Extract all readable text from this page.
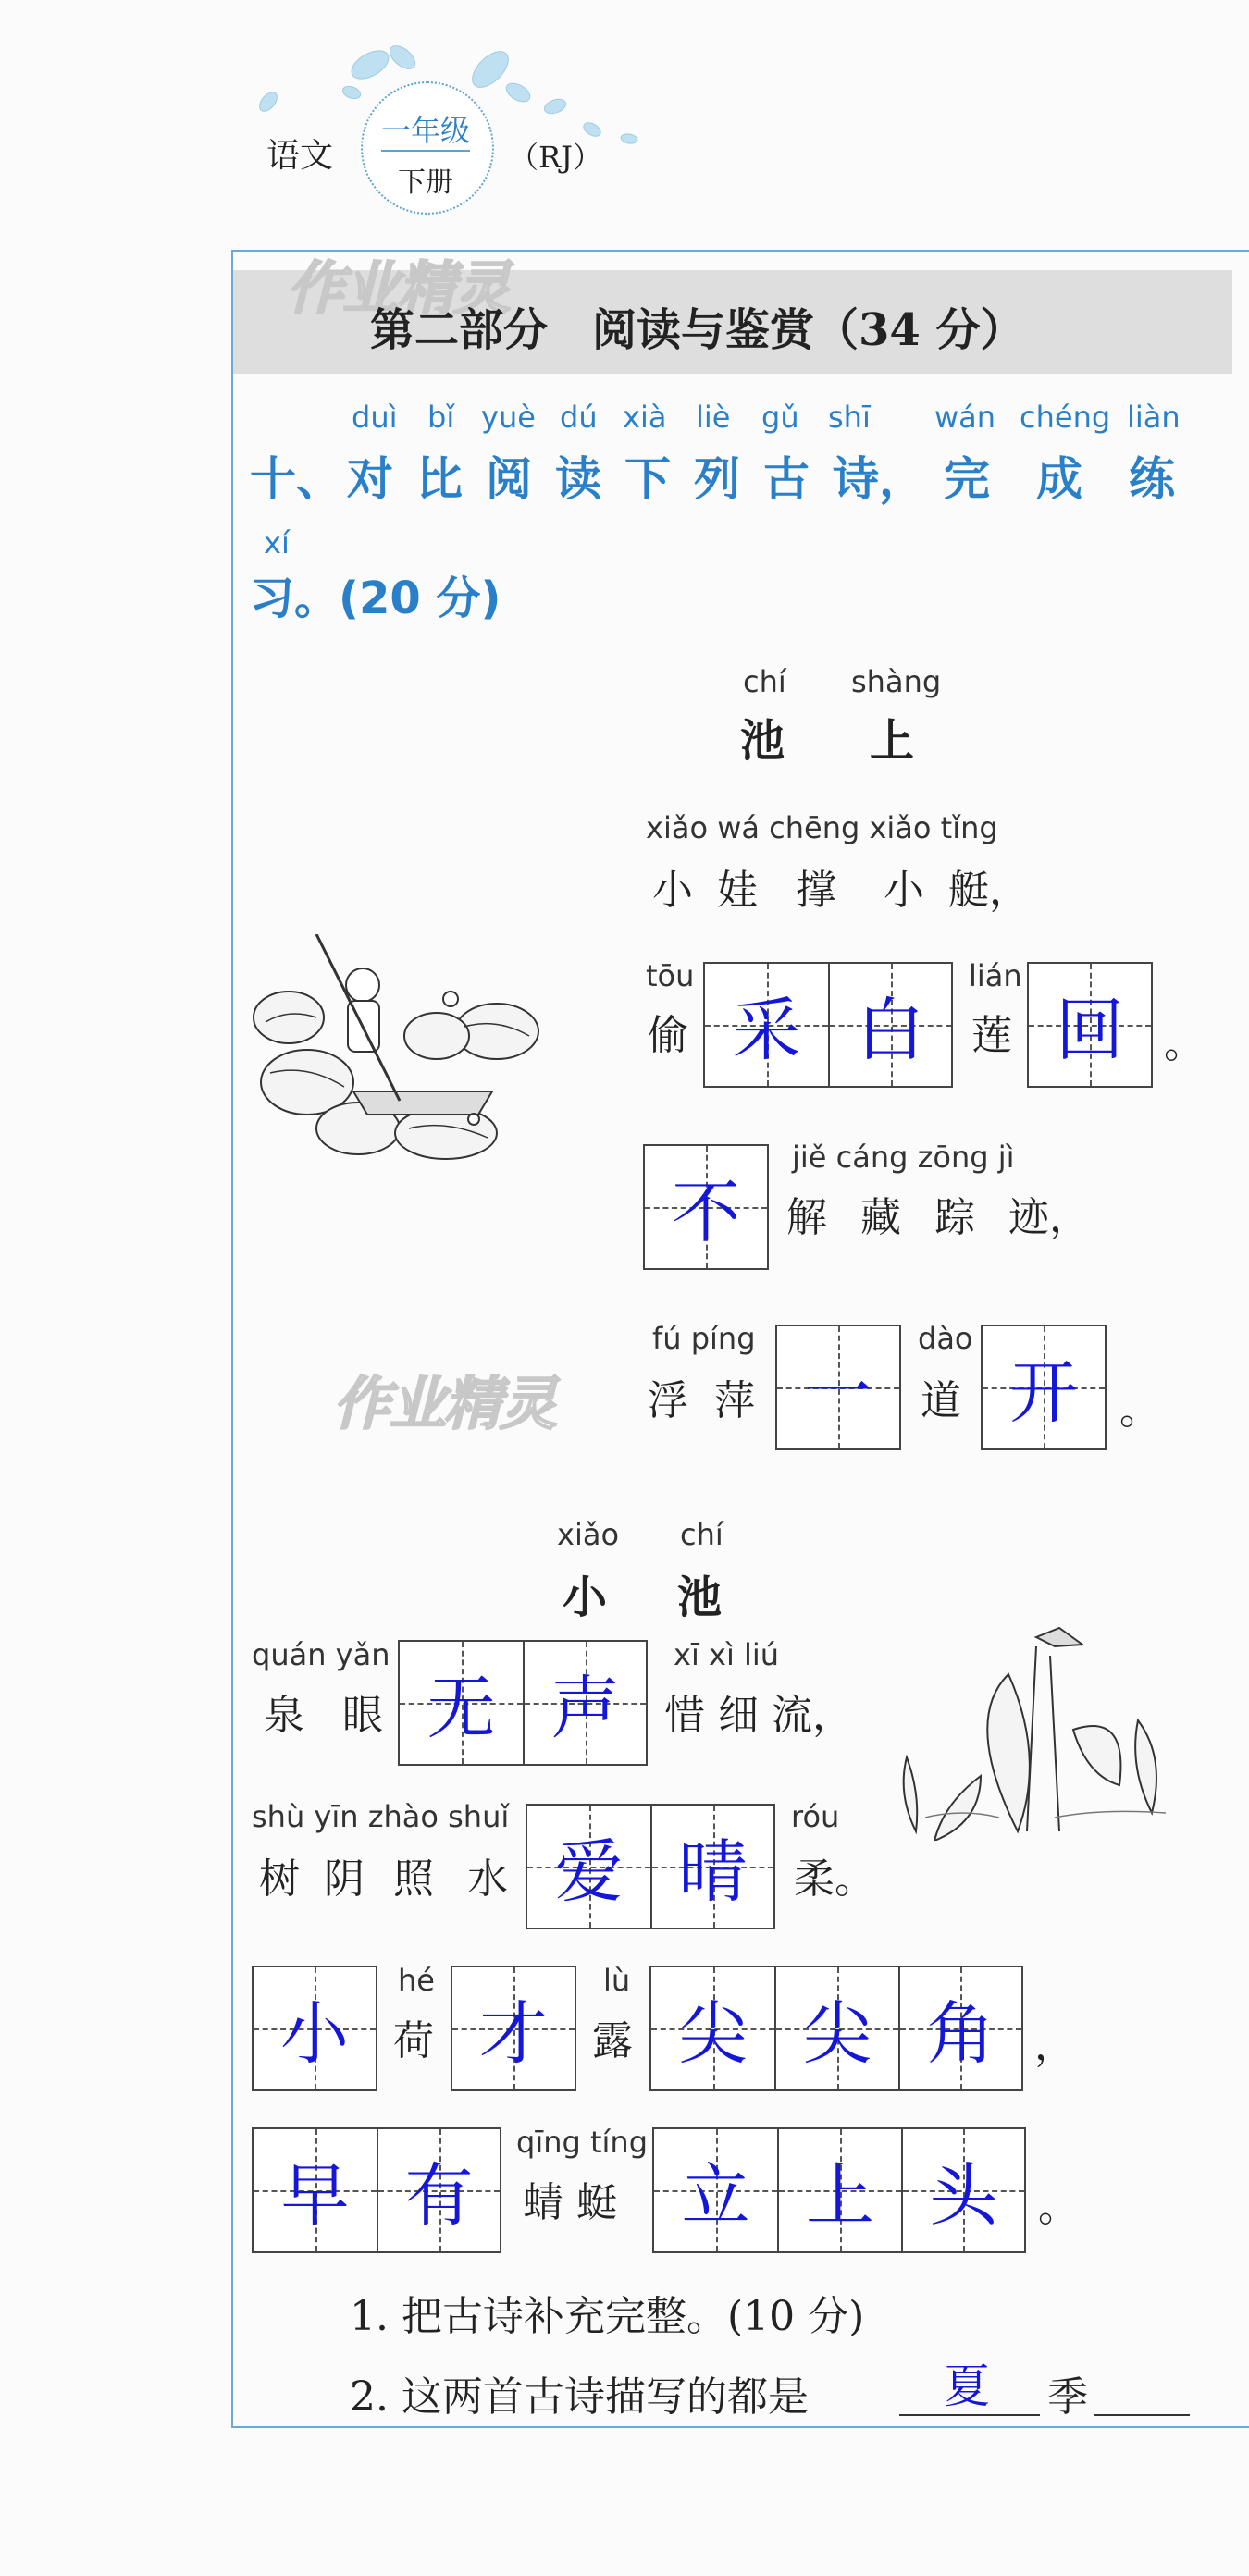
语文
一年级
下册
（RJ）
作业精灵
第二部分　阅读与鉴赏（34 分）
duì bǐ yuè dú xià liè gǔ shī wán chéng liàn
十、 对 比 阅 读 下 列 古 诗， 完 成 练
xí
习。(20 分)
chí shàng
池 上
xiǎo wá chēng xiǎo tǐng
小 娃 撑 小 艇，
tōu
偷 采 白
lián
莲 回 。
不
jiě cáng zōng jì
解 藏 踪 迹，
作业精灵
fú píng
浮 萍 一
dào
道 开 。
xiǎo chí
小 池
quán yǎn
泉 眼 无 声
xī xì liú
惜 细 流，
shù yīn zhào shuǐ
树 阴 照 水 爱 晴
róu
柔。
小
hé
荷 才
lù
露 尖 尖 角 ，
早 有
qīng tíng
蜻 蜓 立 上 头 。
1. 把古诗补充完整。(10 分)
2. 这两首古诗描写的都是	夏 季
